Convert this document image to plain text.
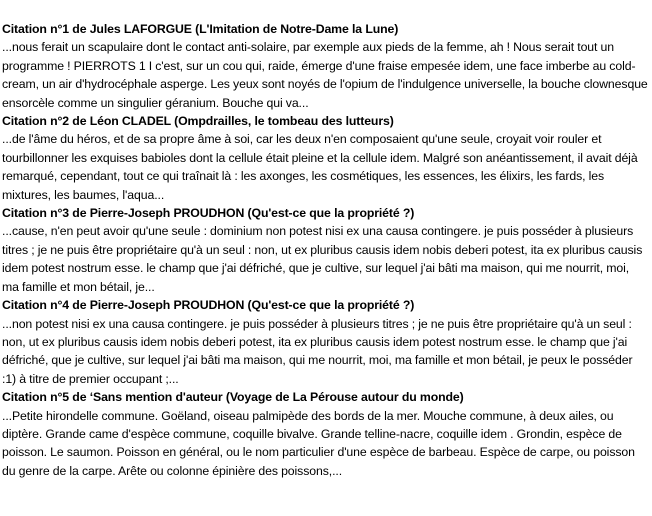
Citation n°1 de Jules LAFORGUE (L'Imitation de Notre-Dame la Lune)
...nous ferait un scapulaire dont le contact anti-solaire, par exemple aux pieds de la femme, ah ! Nous serait tout un programme ! PIERROTS 1 I c'est, sur un cou qui, raide, émerge d'une fraise empesée idem, une face imberbe au cold-cream, un air d'hydrocéphale asperge. Les yeux sont noyés de l'opium de l'indulgence universelle, la bouche clownesque ensorcèle comme un singulier géranium. Bouche qui va...
Citation n°2 de Léon CLADEL (Ompdrailles, le tombeau des lutteurs)
...de l'âme du héros, et de sa propre âme à soi, car les deux n'en composaient qu'une seule, croyait voir rouler et tourbillonner les exquises babioles dont la cellule était pleine et la cellule idem. Malgré son anéantissement, il avait déjà remarqué, cependant, tout ce qui traînait là : les axonges, les cosmétiques, les essences, les élixirs, les fards, les mixtures, les baumes, l'aqua...
Citation n°3 de Pierre-Joseph PROUDHON (Qu'est-ce que la propriété ?)
...cause, n'en peut avoir qu'une seule : dominium non potest nisi ex una causa contingere. je puis posséder à plusieurs titres ; je ne puis être propriétaire qu'à un seul : non, ut ex pluribus causis idem nobis deberi potest, ita ex pluribus causis idem potest nostrum esse. le champ que j'ai défriché, que je cultive, sur lequel j'ai bâti ma maison, qui me nourrit, moi, ma famille et mon bétail, je...
Citation n°4 de Pierre-Joseph PROUDHON (Qu'est-ce que la propriété ?)
...non potest nisi ex una causa contingere. je puis posséder à plusieurs titres ; je ne puis être propriétaire qu'à un seul : non, ut ex pluribus causis idem nobis deberi potest, ita ex pluribus causis idem potest nostrum esse. le champ que j'ai défriché, que je cultive, sur lequel j'ai bâti ma maison, qui me nourrit, moi, ma famille et mon bétail, je peux le posséder :1) à titre de premier occupant ;...
Citation n°5 de ‘Sans mention d'auteur (Voyage de La Pérouse autour du monde)
...Petite hirondelle commune. Goëland, oiseau palmipède des bords de la mer. Mouche commune, à deux ailes, ou diptère. Grande came d'espèce commune, coquille bivalve. Grande telline-nacre, coquille idem . Grondin, espèce de poisson. Le saumon. Poisson en général, ou le nom particulier d'une espèce de barbeau. Espèce de carpe, ou poisson du genre de la carpe. Arête ou colonne épinière des poissons,...
